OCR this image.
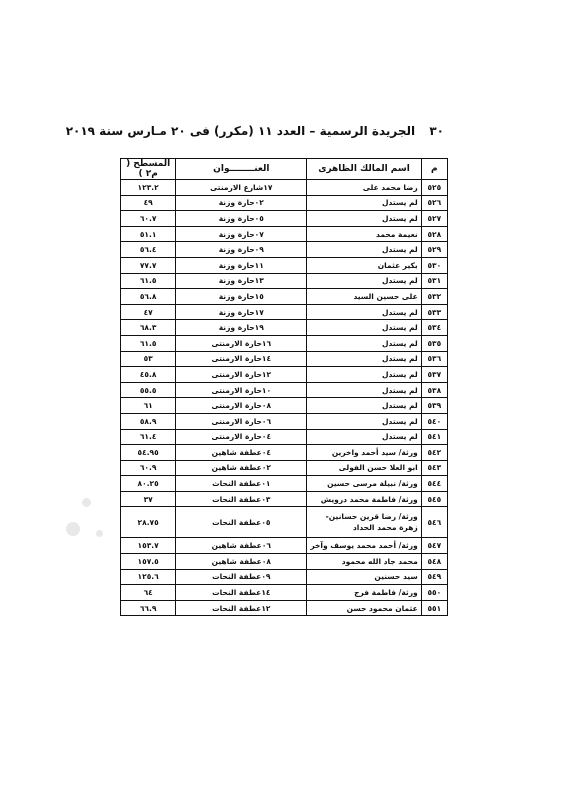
٣٠ الجريدة الرسمية – العدد ١١ (مكرر) فى ٢٠ مـارس سنة ٢٠١٩
م	اسم المالك الظاهرى	العنــــــــوان	المسطح ( م٢ )
٥٢٥	رضا محمد على	١٧شارع الارمنتى	١٢٣.٢
٥٢٦	لم يستدل	٠٢حارة وزنة	٤٩
٥٢٧	لم يستدل	٠٥حارة وزنة	٦٠.٧
٥٢٨	نعيمة محمد	٠٧حارة وزنة	٥١.١
٥٢٩	لم يستدل	٠٩حارة وزنة	٥٦.٤
٥٣٠	بكير عثمان	١١حارة وزنة	٧٧.٧
٥٣١	لم يستدل	١٣حارة وزنة	٦١.٥
٥٣٢	على حسين السيد	١٥حارة وزنة	٥٦.٨
٥٣٣	لم يستدل	١٧حارة وزنة	٤٧
٥٣٤	لم يستدل	١٩حارة وزنة	٦٨.٣
٥٣٥	لم يستدل	١٦حارة الارمنتى	٦١.٥
٥٣٦	لم يستدل	١٤حارة الارمنتى	٥٣
٥٣٧	لم يستدل	١٢حارة الارمنتى	٤٥.٨
٥٣٨	لم يستدل	١٠حارة الارمنتى	٥٥.٥
٥٣٩	لم يستدل	٠٨حارة الارمنتى	٦١
٥٤٠	لم يستدل	٠٦حارة الارمنتى	٥٨.٩
٥٤١	لم يستدل	٠٤حارة الارمنتى	٦١.٤
٥٤٢	ورثة/ سيد أحمد واخرين	٠٤عطفة شاهين	٥٤.٩٥
٥٤٣	ابو العلا حسن الفولى	٠٢عطفة شاهين	٦٠.٩
٥٤٤	ورثة/ نبيلة مرسى حسين	٠١عطفة النحاث	٨٠.٢٥
٥٤٥	ورثة/ فاطمة محمد درويش	٠٣عطفة النحات	٣٧
٥٤٦	ورثة/ رضا قرين حسانين- زهرة محمد الحداد	٠٥عطفة النحات	٢٨.٧٥
٥٤٧	ورثة/ أحمد محمد يوسف وآخر	٠٦عطفة شاهين	١٥٣.٧
٥٤٨	محمد جاد الله محمود	٠٨عطفة شاهين	١٥٧.٥
٥٤٩	سيد حسنين	٠٩عطفة النحات	١٢٥.٦
٥٥٠	ورثة/ فاطمة فرج	١٤عطفة النحات	٦٤
٥٥١	عثمان محمود حسن	١٢عطفة النحات	٦٦.٩
